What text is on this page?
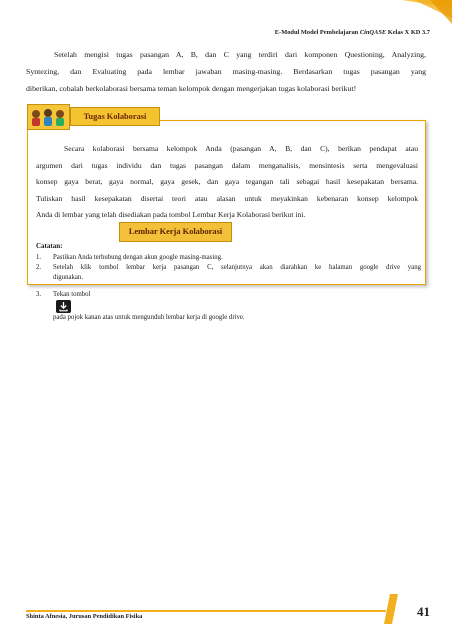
E-Modul Model Pembelajaran CinQASE Kelas X KD 3.7
Setelah mengisi tugas pasangan A, B, dan C yang terdiri dari komponen Questioning, Analyzing,
Syntezing, dan Evaluating pada lembar jawaban masing-masing. Berdasarkan tugas pasangan yang
diberikan, cobalah berkolaborasi bersama teman kelompok dengan mengerjakan tugas kolaborasi berikut!
Tugas Kolaborasi
Secara kolaborasi bersama kelompok Anda (pasangan A, B, dan C), berikan pendapat atau
argumen dari tugas individu dan tugas pasangan dalam menganalisis, mensintesis serta mengevaluasi
konsep gaya berat, gaya normal, gaya gesek, dan gaya tegangan tali sebagai hasil kesepakatan bersama.
Tuliskan hasil kesepakatan disertai teori atau alasan untuk meyakinkan kebenaran konsep kelompok
Anda di lembar yang telah disediakan pada tombol Lembar Kerja Kolaborasi berikut ini.
Lembar Kerja Kolaborasi
Catatan:
1. Pastikan Anda terhubung dengan akun google masing-masing.
2. Setelah klik tombol lembar kerja pasangan C, selanjutnya akan diarahkan ke halaman google drive yang
digunakan.
3. Tekan tombol
pada pojok kanan atas untuk mengunduh lembar kerja di google drive.
Shinta Afnesia, Jurusan Pendidikan Fisika	41
